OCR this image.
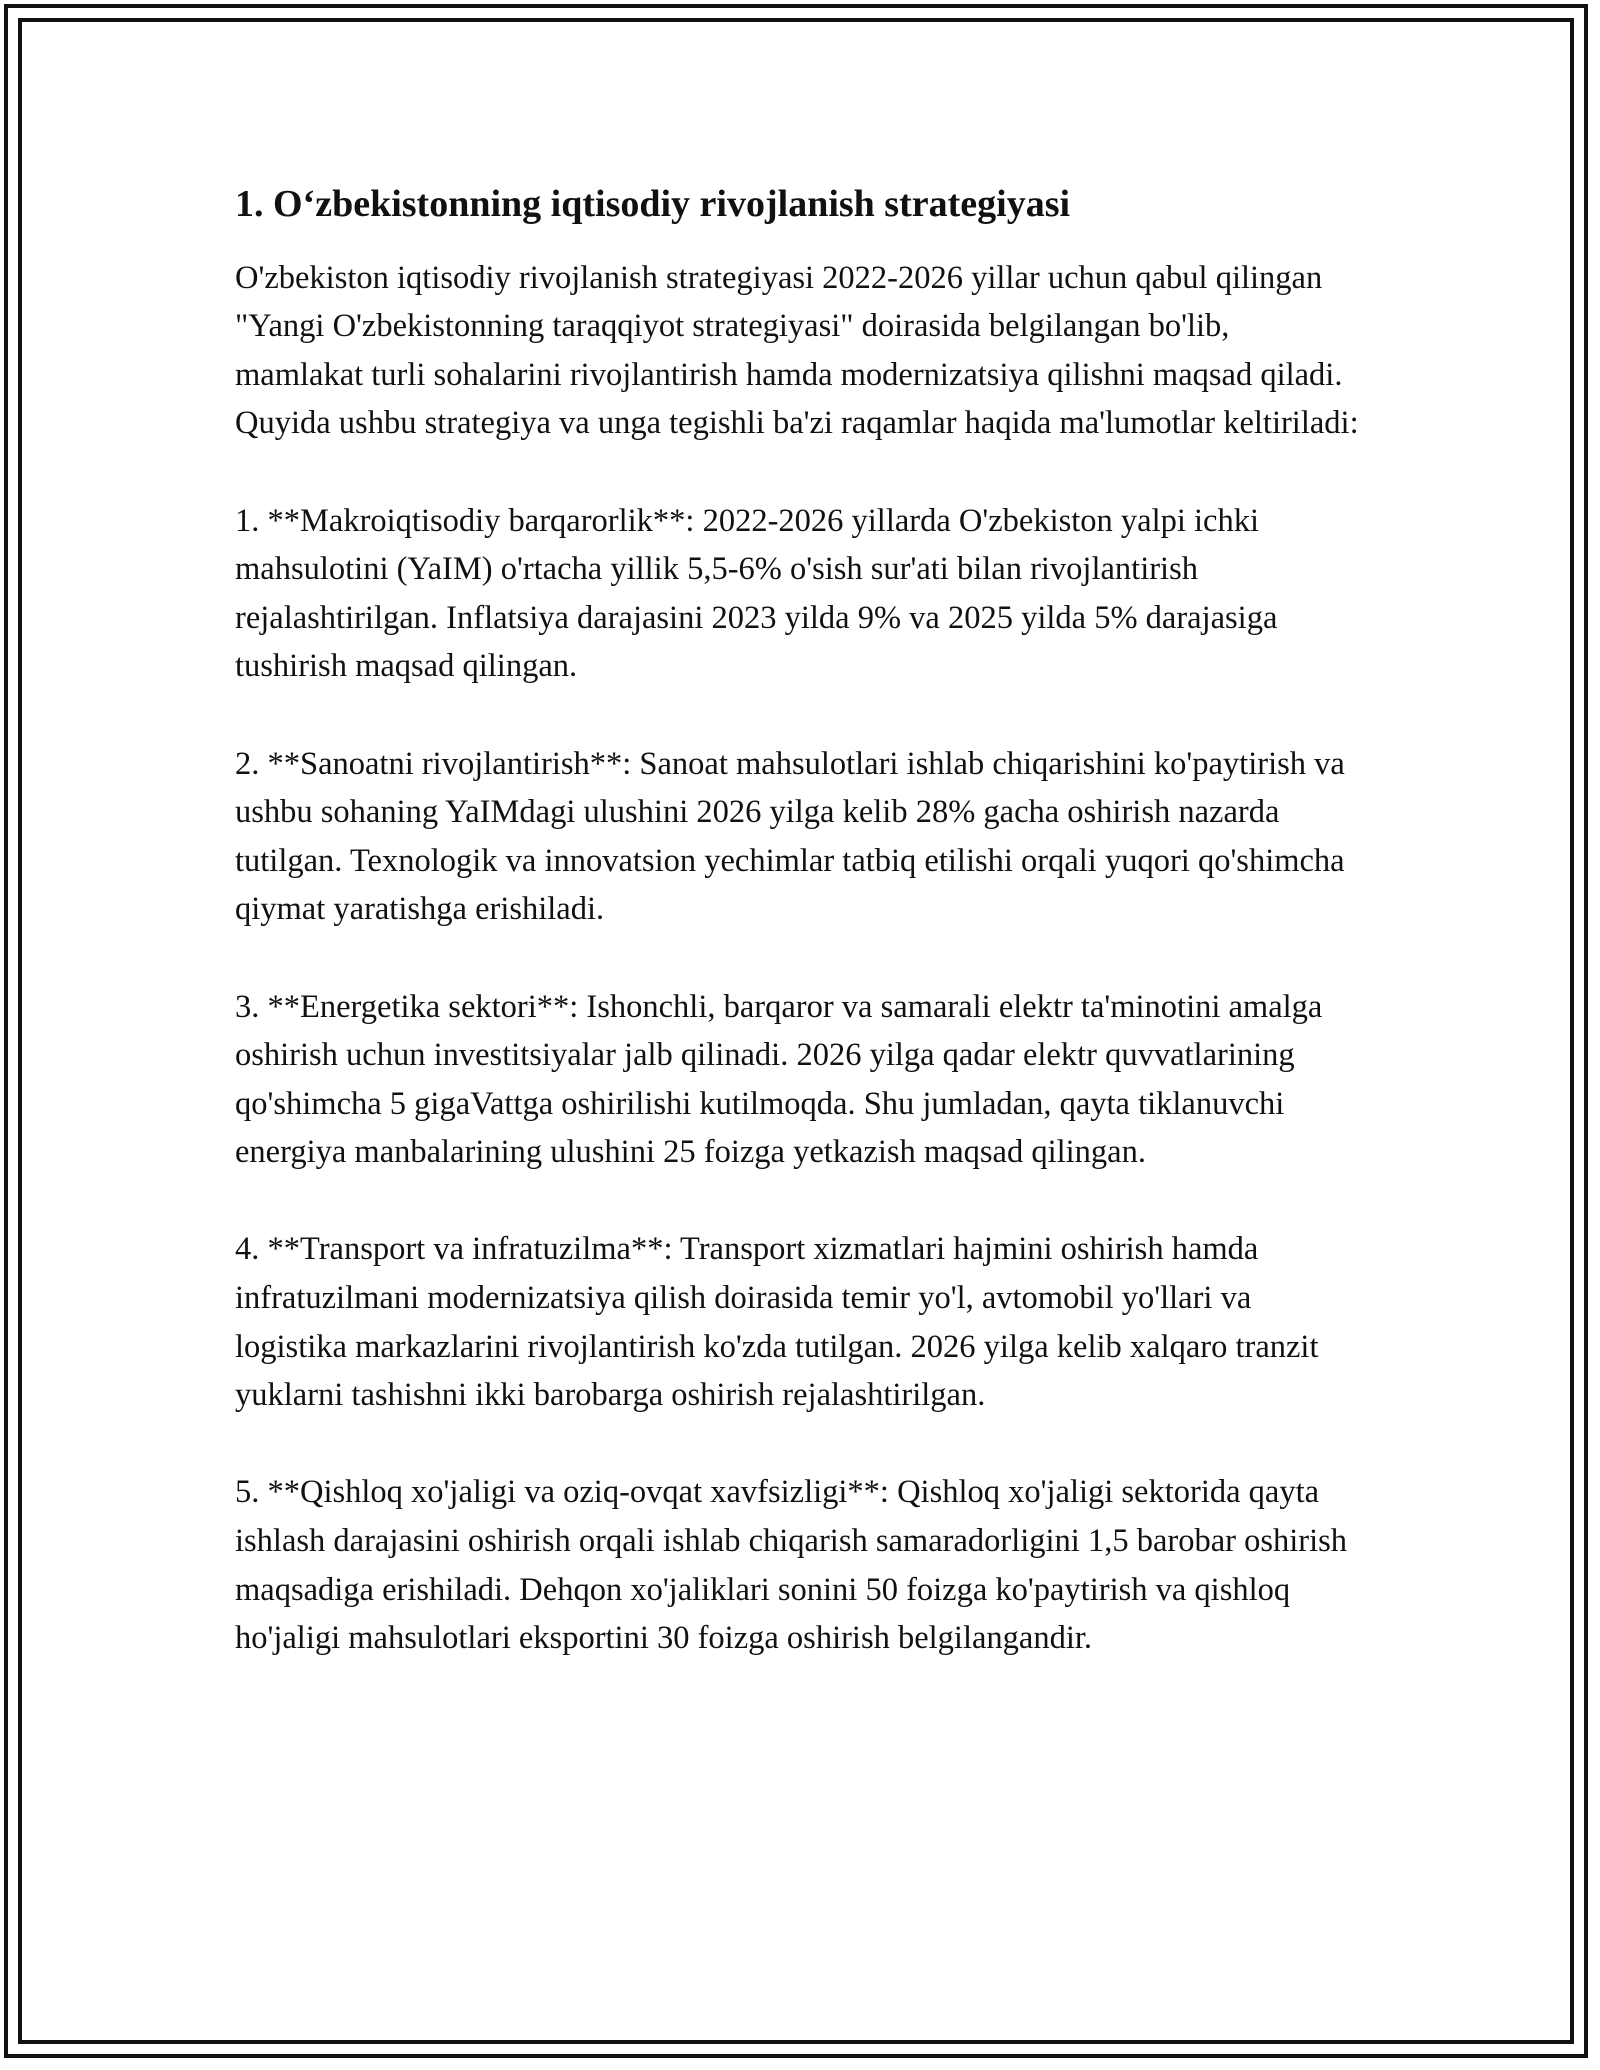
1. O‘zbekistonning iqtisodiy rivojlanish strategiyasi

O'zbekiston iqtisodiy rivojlanish strategiyasi 2022-2026 yillar uchun qabul qilingan "Yangi O'zbekistonning taraqqiyot strategiyasi" doirasida belgilangan bo'lib, mamlakat turli sohalarini rivojlantirish hamda modernizatsiya qilishni maqsad qiladi. Quyida ushbu strategiya va unga tegishli ba'zi raqamlar haqida ma'lumotlar keltiriladi:

1. **Makroiqtisodiy barqarorlik**: 2022-2026 yillarda O'zbekiston yalpi ichki mahsulotini (YaIM) o'rtacha yillik 5,5-6% o'sish sur'ati bilan rivojlantirish rejalashtirilgan. Inflatsiya darajasini 2023 yilda 9% va 2025 yilda 5% darajasiga tushirish maqsad qilingan.

2. **Sanoatni rivojlantirish**: Sanoat mahsulotlari ishlab chiqarishini ko'paytirish va ushbu sohaning YaIMdagi ulushini 2026 yilga kelib 28% gacha oshirish nazarda tutilgan. Texnologik va innovatsion yechimlar tatbiq etilishi orqali yuqori qo'shimcha qiymat yaratishga erishiladi.

3. **Energetika sektori**: Ishonchli, barqaror va samarali elektr ta'minotini amalga oshirish uchun investitsiyalar jalb qilinadi. 2026 yilga qadar elektr quvvatlarining qo'shimcha 5 gigaVattga oshirilishi kutilmoqda. Shu jumladan, qayta tiklanuvchi energiya manbalarining ulushini 25 foizga yetkazish maqsad qilingan.

4. **Transport va infratuzilma**: Transport xizmatlari hajmini oshirish hamda infratuzilmani modernizatsiya qilish doirasida temir yo'l, avtomobil yo'llari va logistika markazlarini rivojlantirish ko'zda tutilgan. 2026 yilga kelib xalqaro tranzit yuklarni tashishni ikki barobarga oshirish rejalashtirilgan.

5. **Qishloq xo'jaligi va oziq-ovqat xavfsizligi**: Qishloq xo'jaligi sektorida qayta ishlash darajasini oshirish orqali ishlab chiqarish samaradorligini 1,5 barobar oshirish maqsadiga erishiladi. Dehqon xo'jaliklari sonini 50 foizga ko'paytirish va qishloq ho'jaligi mahsulotlari eksportini 30 foizga oshirish belgilangandir.
